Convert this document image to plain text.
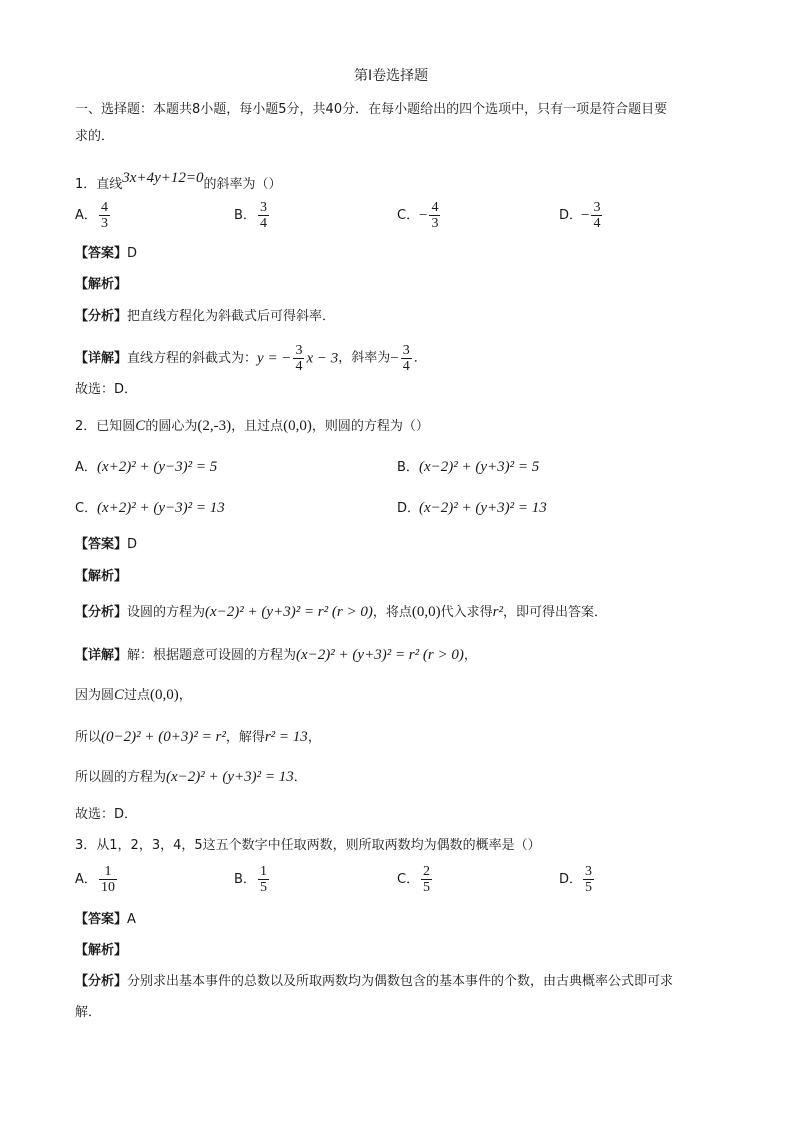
第Ⅰ卷选择题
一、选择题：本题共8小题，每小题5分，共40分．在每小题给出的四个选项中，只有一项是符合题目要
求的．
1．直线3x+4y+12=0的斜率为（）
A． $\frac{4}{3}$	B． $\frac{3}{4}$	C．− $\frac{4}{3}$	D．− $\frac{3}{4}$
【答案】D
【解析】
【分析】把直线方程化为斜截式后可得斜率．
【详解】直线方程的斜截式为：y = − $\frac{3}{4}$ x − 3，斜率为− $\frac{3}{4}$ ．
故选：D．
2．已知圆C的圆心为(2,-3)，且过点(0,0)，则圆的方程为（）
A．(x+2)² + (y−3)² = 5	B．(x−2)² + (y+3)² = 5
C．(x+2)² + (y−3)² = 13	D．(x−2)² + (y+3)² = 13
【答案】D
【解析】
【分析】设圆的方程为(x−2)² + (y+3)² = r² (r > 0)，将点(0,0)代入求得r²，即可得出答案．
【详解】解：根据题意可设圆的方程为(x−2)² + (y+3)² = r² (r > 0)，
因为圆C过点(0,0)，
所以(0−2)² + (0+3)² = r²，解得r² = 13，
所以圆的方程为(x−2)² + (y+3)² = 13．
故选：D．
3．从1，2，3，4，5这五个数字中任取两数，则所取两数均为偶数的概率是（）
A． $\frac{1}{10}$	B． $\frac{1}{5}$	C． $\frac{2}{5}$	D． $\frac{3}{5}$
【答案】A
【解析】
【分析】分别求出基本事件的总数以及所取两数均为偶数包含的基本事件的个数，由古典概率公式即可求
解．
